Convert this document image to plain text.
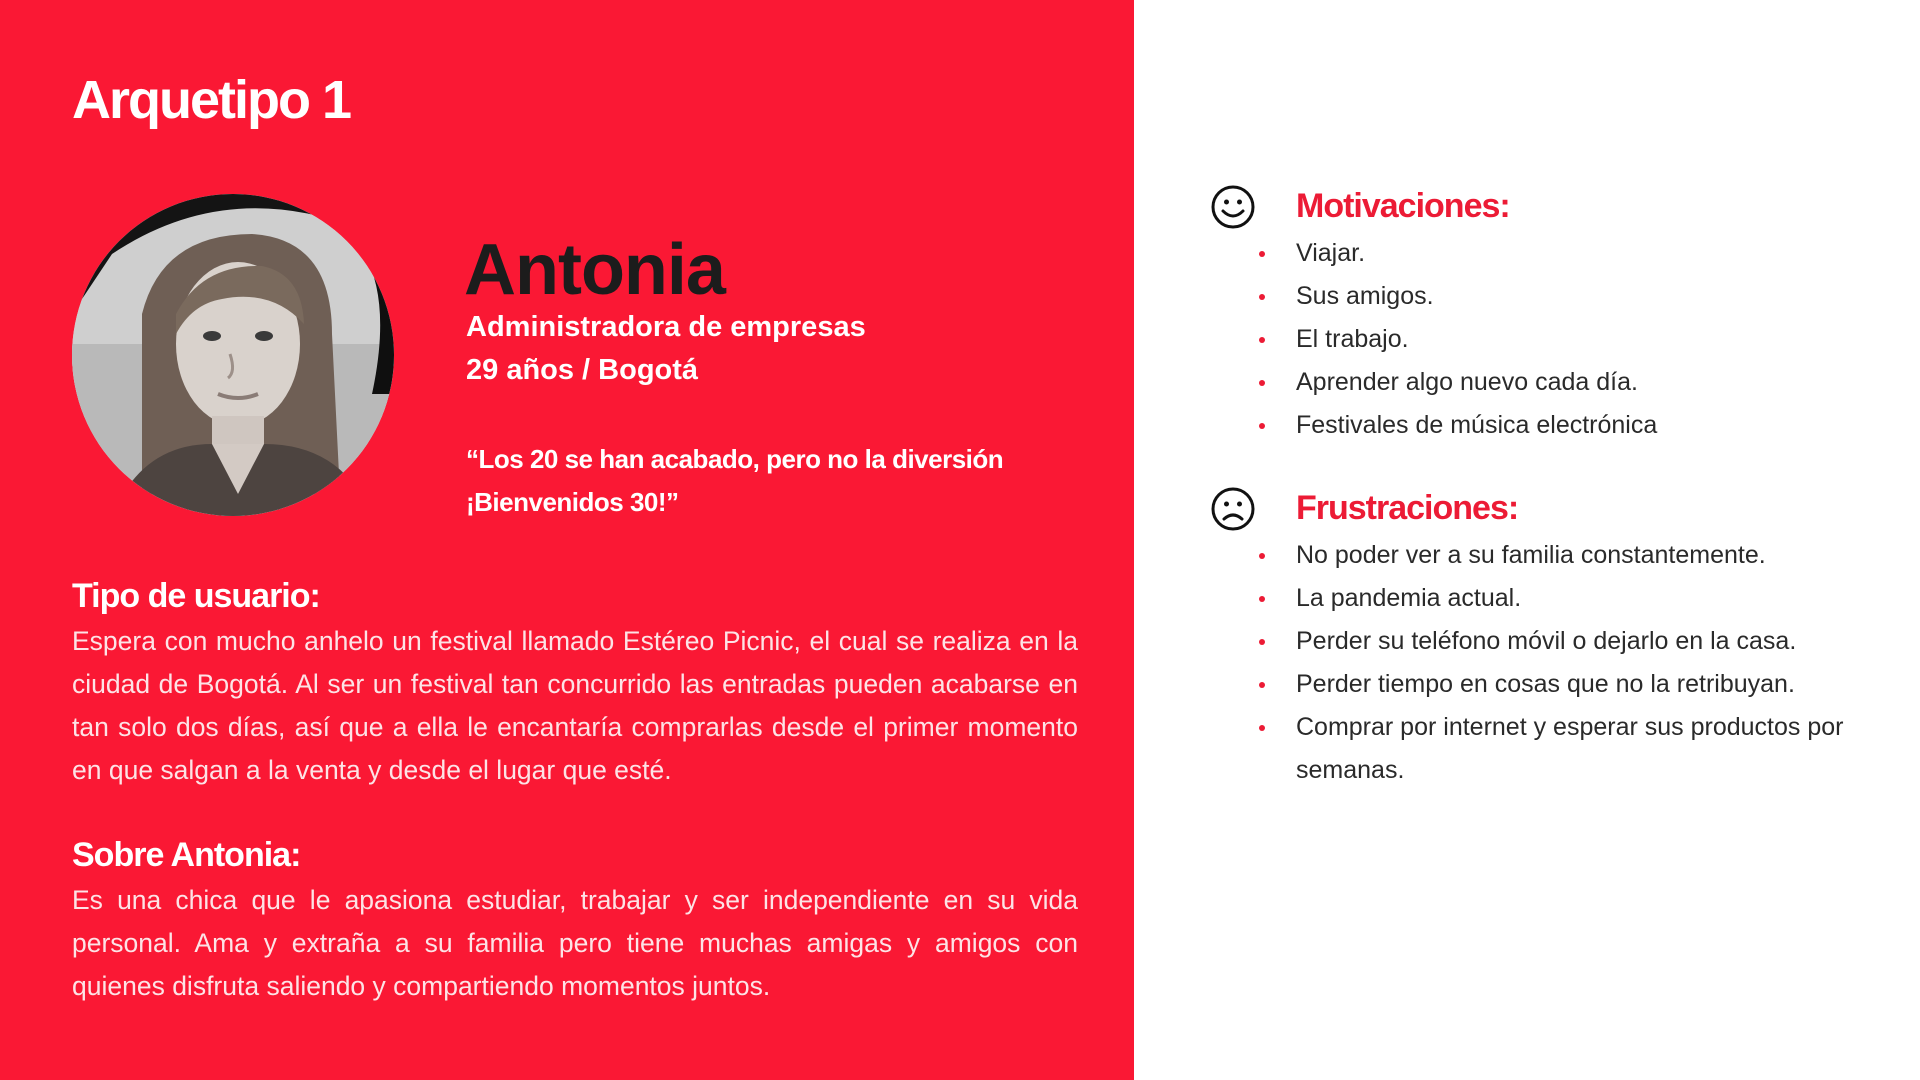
Arquetipo 1
Antonia
Administradora de empresas
29 años / Bogotá
“Los 20 se han acabado, pero no la diversión
¡Bienvenidos 30!”
Tipo de usuario:

Espera con mucho anhelo un festival llamado Estéreo Picnic, el cual se realiza en la ciudad de Bogotá. Al ser un festival tan concurrido las entradas pueden acabarse en tan solo dos días, así que a ella le encantaría comprarlas desde el primer momento en que salgan a la venta y desde el lugar que esté.

Sobre Antonia:

Es una chica que le apasiona estudiar, trabajar y ser independiente en su vida personal. Ama y extraña a su familia pero tiene muchas amigas y amigos con quienes disfruta saliendo y compartiendo momentos juntos.

Motivaciones:
Viajar.
Sus amigos.
El trabajo.
Aprender algo nuevo cada día.
Festivales de música electrónica
Frustraciones:
No poder ver a su familia constantemente.
La pandemia actual.
Perder su teléfono móvil o dejarlo en la casa.
Perder tiempo en cosas que no la retribuyan.
Comprar por internet y esperar sus productos por semanas.
